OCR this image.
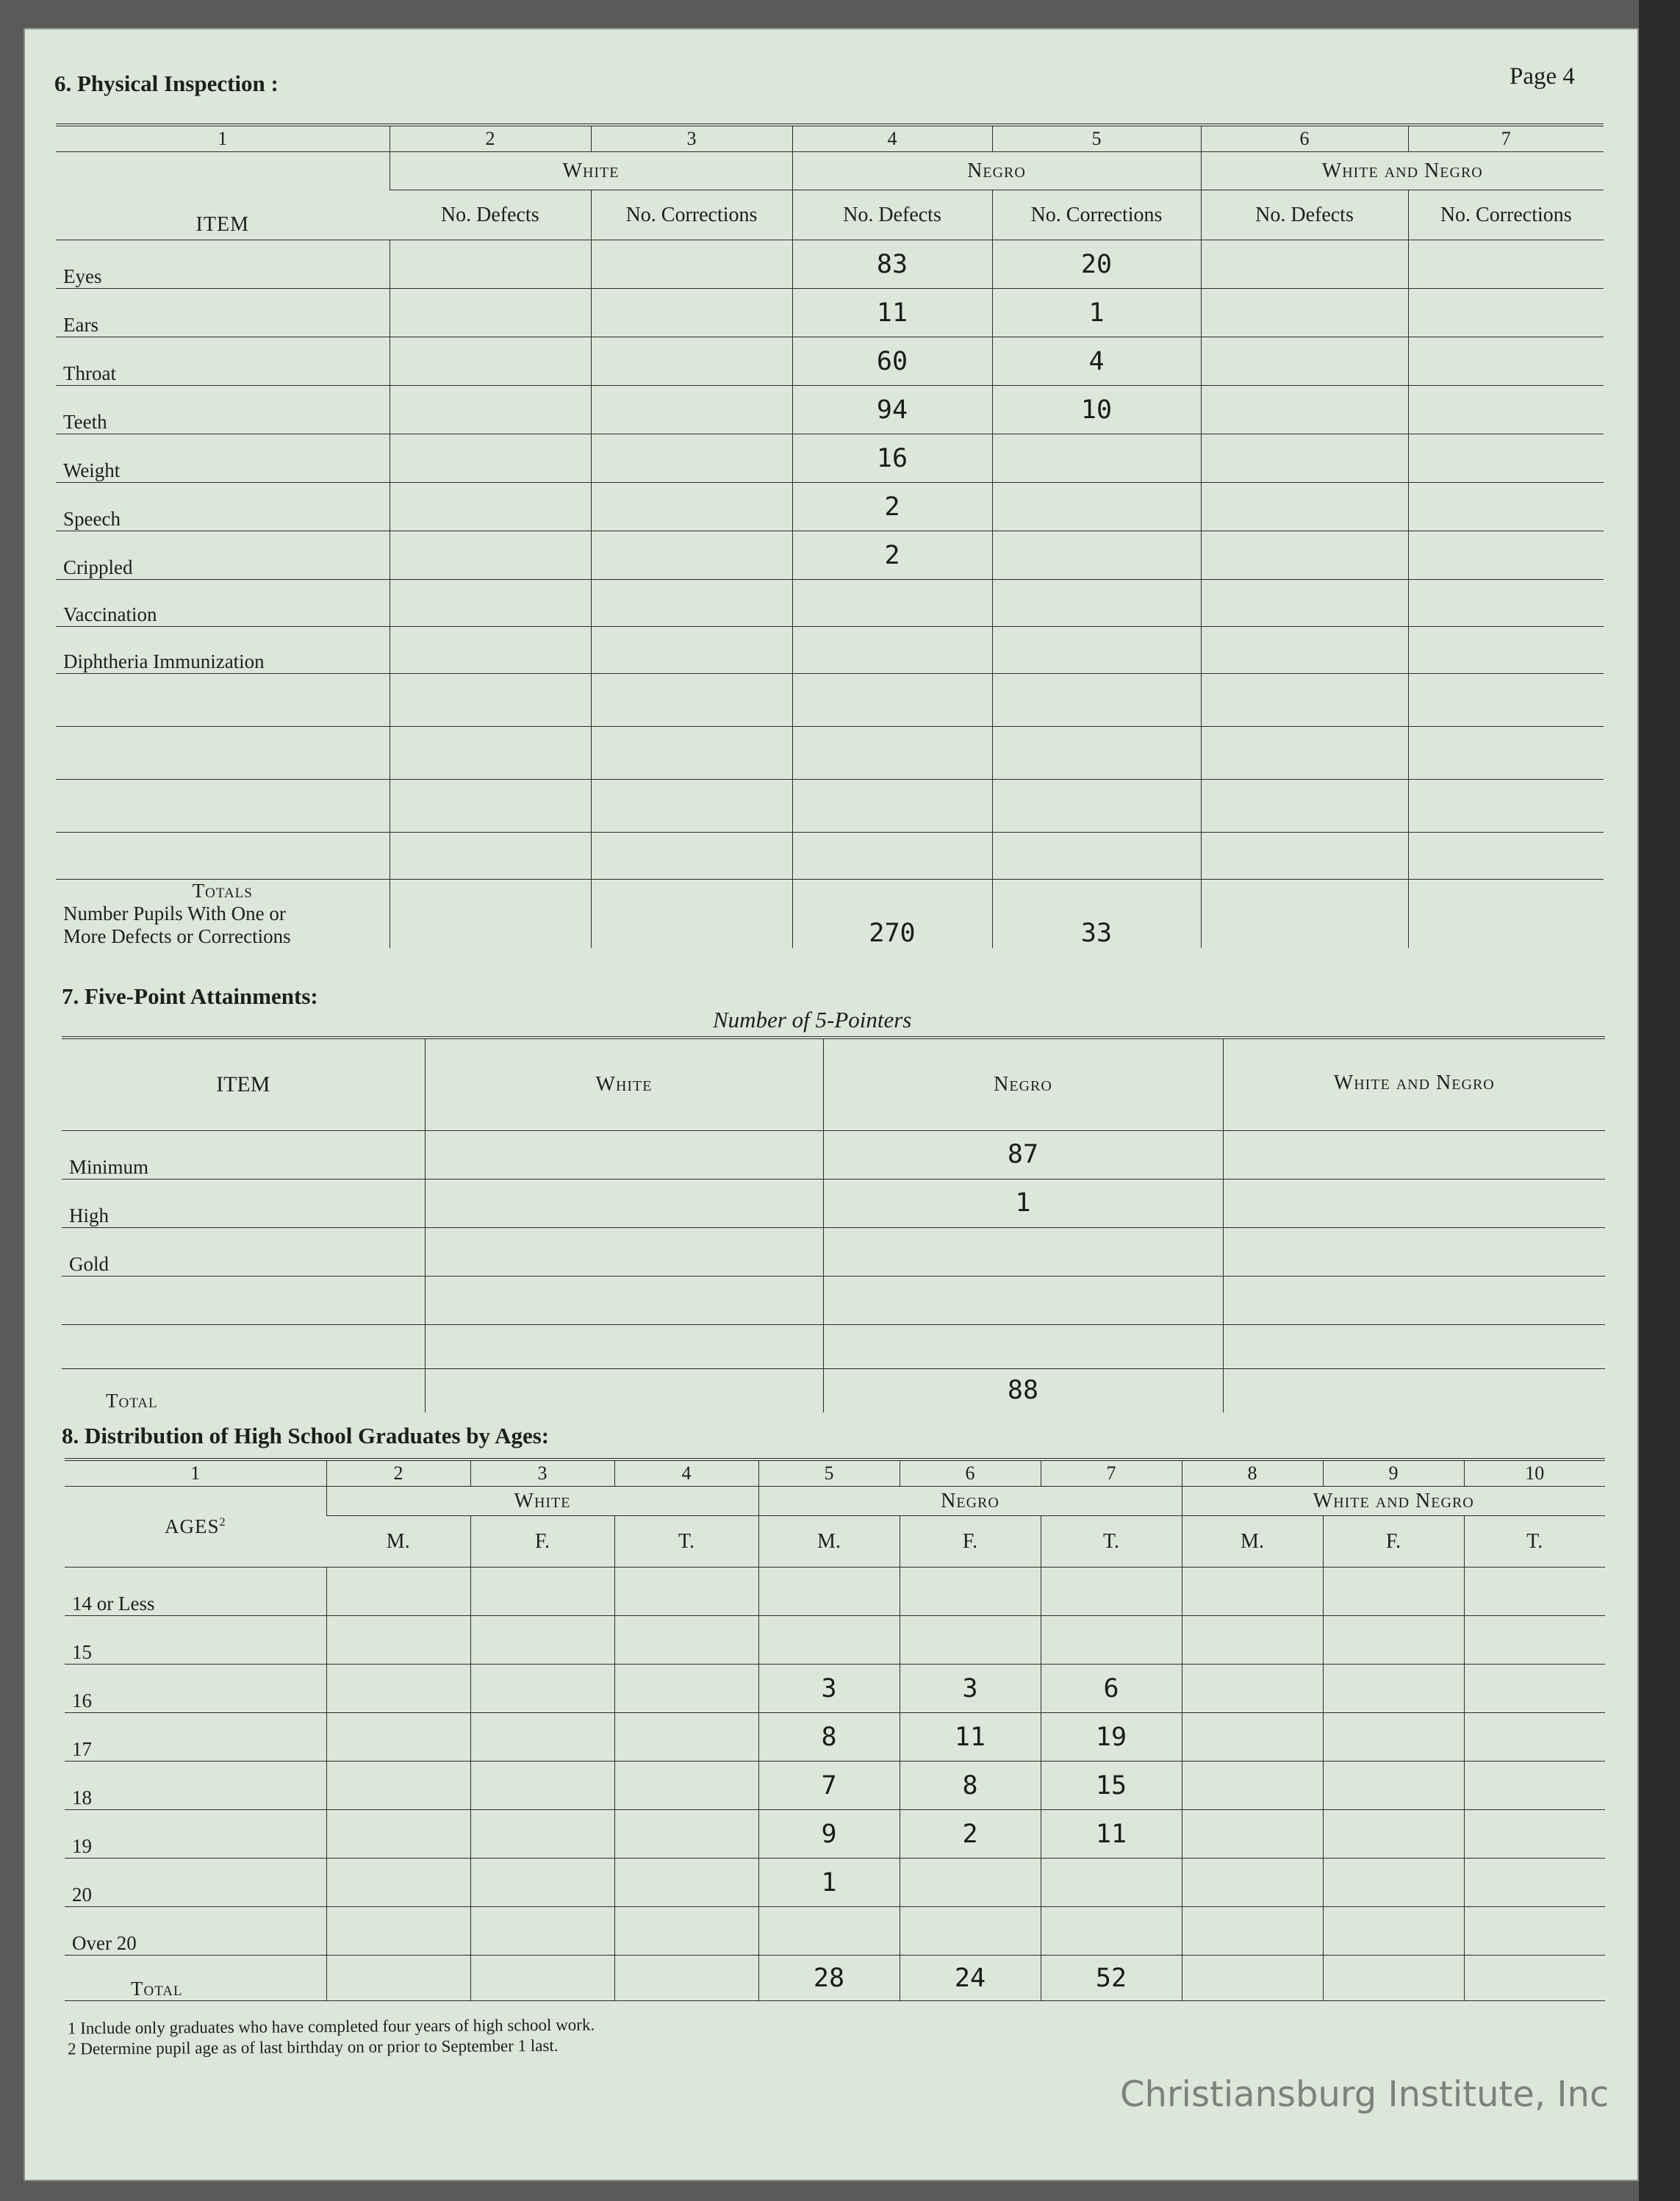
6. Physical Inspection :	Page 4
1	2	3	4	5	6	7
ITEM	White		Negro		White and Negro	
	No. Defects	No. Corrections	No. Defects	No. Corrections	No. Defects	No. Corrections
Eyes			83	20		
Ears			11	1		
Throat			60	4		
Teeth			94	10		
Weight			16			
Speech			2			
Crippled			2			
Vaccination						
Diphtheria Immunization						

Totals
Number Pupils With One or
More Defects or Corrections			270	33		
7. Five-Point Attainments:
Number of 5-Pointers
ITEM	White	Negro	White and Negro
Minimum		87	
High		1	
Gold			

Total		88	
8. Distribution of High School Graduates by Ages:
1	2	3	4	5	6	7	8	9	10
AGES$^2$	White			Negro			White and Negro		
	M.	F.	T.	M.	F.	T.	M.	F.	T.
14 or Less									
15									
16				3	3	6			
17				8	11	19			
18				7	8	15			
19				9	2	11			
20				1					
Over 20									
Total				28	24	52			
1 Include only graduates who have completed four years of high school work.
2 Determine pupil age as of last birthday on or prior to September 1 last.
Christiansburg Institute, Inc
